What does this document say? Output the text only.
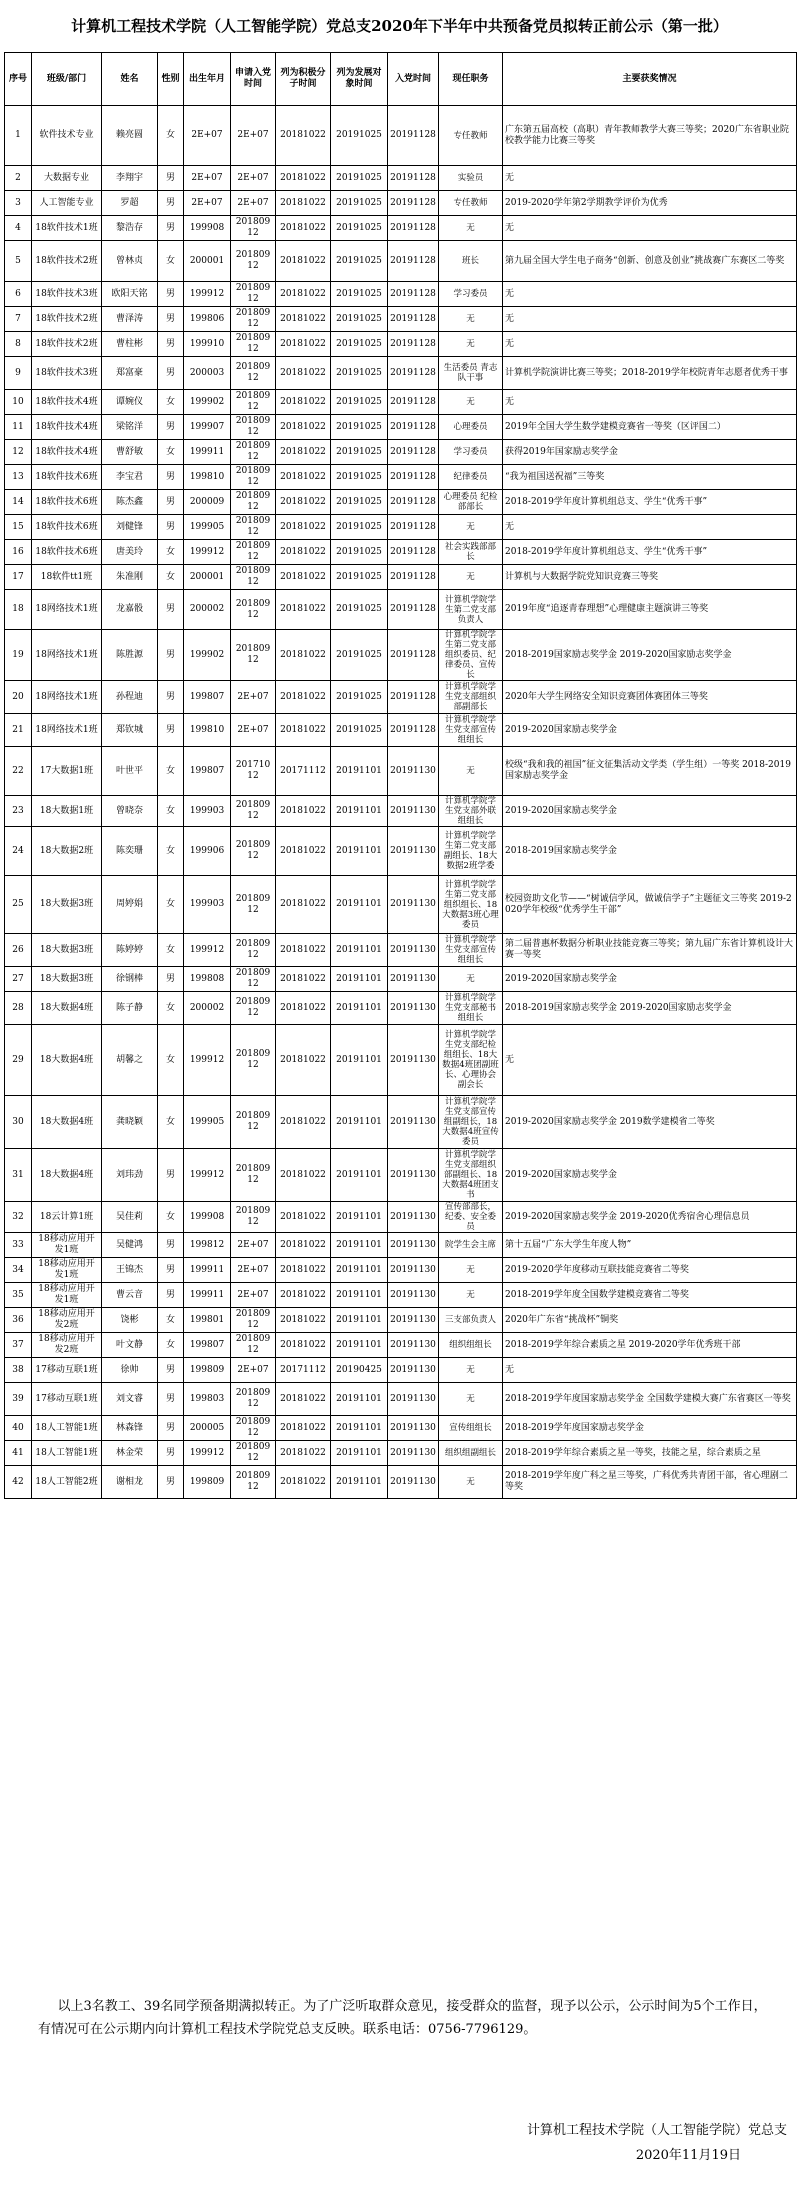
计算机工程技术学院（人工智能学院）党总支2020年下半年中共预备党员拟转正前公示（第一批）
序号	班级/部门	姓名	性别	出生年月	申请入党时间	列为积极分子时间	列为发展对象时间	入党时间	现任职务	主要获奖情况
1	软件技术专业	赖亮圆	女	2E+07	2E+07	20181022	20191025	20191128	专任教师	广东第五届高校（高职）青年教师教学大赛三等奖；2020广东省职业院校教学能力比赛三等奖
2	大数据专业	李翔宇	男	2E+07	2E+07	20181022	20191025	20191128	实验员	无
3	人工智能专业	罗超	男	2E+07	2E+07	20181022	20191025	20191128	专任教师	2019-2020学年第2学期教学评价为优秀
4	18软件技术1班	黎浩存	男	199908	20180912	20181022	20191025	20191128	无	无
5	18软件技术2班	曾林贞	女	200001	20180912	20181022	20191025	20191128	班长	第九届全国大学生电子商务“创新、创意及创业”挑战赛广东赛区二等奖
6	18软件技术3班	欧阳天铭	男	199912	20180912	20181022	20191025	20191128	学习委员	无
7	18软件技术2班	曹泽涛	男	199806	20180912	20181022	20191025	20191128	无	无
8	18软件技术2班	曹柱彬	男	199910	20180912	20181022	20191025	20191128	无	无
9	18软件技术3班	郑富豪	男	200003	20180912	20181022	20191025	20191128	生活委员 青志队干事	计算机学院演讲比赛三等奖；2018-2019学年校院青年志愿者优秀干事
10	18软件技术4班	谭婉仪	女	199902	20180912	20181022	20191025	20191128	无	无
11	18软件技术4班	梁铭洋	男	199907	20180912	20181022	20191025	20191128	心理委员	2019年全国大学生数学建模竞赛省一等奖（区评国二）
12	18软件技术4班	曹舒敏	女	199911	20180912	20181022	20191025	20191128	学习委员	获得2019年国家励志奖学金
13	18软件技术6班	李宝君	男	199810	20180912	20181022	20191025	20191128	纪律委员	“我为祖国送祝福”三等奖
14	18软件技术6班	陈杰鑫	男	200009	20180912	20181022	20191025	20191128	心理委员 纪检部部长	2018-2019学年度计算机组总支、学生“优秀干事”
15	18软件技术6班	刘健锋	男	199905	20180912	20181022	20191025	20191128	无	无
16	18软件技术6班	唐美玲	女	199912	20180912	20181022	20191025	20191128	社会实践部部长	2018-2019学年度计算机组总支、学生“优秀干事”
17	18软件tt1班	朱准刚	女	200001	20180912	20181022	20191025	20191128	无	计算机与大数据学院党知识竞赛三等奖
18	18网络技术1班	龙嘉骰	男	200002	20180912	20181022	20191025	20191128	计算机学院学生第二党支部负责人	2019年度“追逐青春理想”心理健康主题演讲三等奖
19	18网络技术1班	陈胜源	男	199902	20180912	20181022	20191025	20191128	计算机学院学生第二党支部组织委员、纪律委员、宣传长	2018-2019国家励志奖学金 2019-2020国家励志奖学金
20	18网络技术1班	孙程迪	男	199807	2E+07	20181022	20191025	20191128	计算机学院学生党支部组织部副部长	2020年大学生网络安全知识竞赛团体赛团体三等奖
21	18网络技术1班	郑钦城	男	199810	2E+07	20181022	20191025	20191128	计算机学院学生党支部宣传组组长	2019-2020国家励志奖学金
22	17大数据1班	叶世平	女	199807	20171012	20171112	20191101	20191130	无	校级“我和我的祖国”征文征集活动文学类（学生组）一等奖 2018-2019国家励志奖学金
23	18大数据1班	曾晓奈	女	199903	20180912	20181022	20191101	20191130	计算机学院学生党支部外联组组长	2019-2020国家励志奖学金
24	18大数据2班	陈奕珊	女	199906	20180912	20181022	20191101	20191130	计算机学院学生第二党支部副组长、18大数据2班学委	2018-2019国家励志奖学金
25	18大数据3班	周婷娟	女	199903	20180912	20181022	20191101	20191130	计算机学院学生第二党支部组织组长、18大数据3班心理委员	校园资助文化节——“树诚信学风，做诚信学子”主题征文三等奖 2019-2020学年校级“优秀学生干部”
26	18大数据3班	陈婷婷	女	199912	20180912	20181022	20191101	20191130	计算机学院学生党支部宣传组组长	第二届普惠杯数据分析职业技能竞赛三等奖；第九届广东省计算机设计大赛一等奖
27	18大数据3班	徐钢棒	男	199808	20180912	20181022	20191101	20191130	无	2019-2020国家励志奖学金
28	18大数据4班	陈子静	女	200002	20180912	20181022	20191101	20191130	计算机学院学生党支部秘书组组长	2018-2019国家励志奖学金 2019-2020国家励志奖学金
29	18大数据4班	胡馨之	女	199912	20180912	20181022	20191101	20191130	计算机学院学生党支部纪检组组长、18大数据4班团副班长、心理协会副会长	无
30	18大数据4班	龚晓颖	女	199905	20180912	20181022	20191101	20191130	计算机学院学生党支部宣传组副组长，18大数据4班宣传委员	2019-2020国家励志奖学金 2019数学建模省二等奖
31	18大数据4班	刘玮劲	男	199912	20180912	20181022	20191101	20191130	计算机学院学生党支部组织部副组长、18大数据4班团支书	2019-2020国家励志奖学金
32	18云计算1班	吴佳莉	女	199908	20180912	20181022	20191101	20191130	宣传部部长，纪委、安全委员	2019-2020国家励志奖学金 2019-2020优秀宿舍心理信息员
33	18移动应用开发1班	吴健鸿	男	199812	2E+07	20181022	20191101	20191130	院学生会主席	第十五届“广东大学生年度人物”
34	18移动应用开发1班	王锦杰	男	199911	2E+07	20181022	20191101	20191130	无	2019-2020学年度移动互联技能竞赛省二等奖
35	18移动应用开发1班	曹云音	男	199911	2E+07	20181022	20191101	20191130	无	2018-2019学年度全国数学建模竞赛省二等奖
36	18移动应用开发2班	饶彬	女	199801	20180912	20181022	20191101	20191130	三支部负责人	2020年广东省“挑战杯”铜奖
37	18移动应用开发2班	叶文静	女	199807	20180912	20181022	20191101	20191130	组织组组长	2018-2019学年综合素质之星 2019-2020学年优秀班干部
38	17移动互联1班	徐帅	男	199809	2E+07	20171112	20190425	20191130	无	无
39	17移动互联1班	刘文睿	男	199803	20180912	20181022	20191101	20191130	无	2018-2019学年度国家励志奖学金 全国数学建模大赛广东省赛区一等奖
40	18人工智能1班	林森锋	男	200005	20180912	20181022	20191101	20191130	宣传组组长	2018-2019学年度国家励志奖学金
41	18人工智能1班	林金荣	男	199912	20180912	20181022	20191101	20191130	组织组副组长	2018-2019学年综合素质之星一等奖，技能之星，综合素质之星
42	18人工智能2班	谢相龙	男	199809	20180912	20181022	20191101	20191130	无	2018-2019学年度广科之星三等奖，广科优秀共青团干部，省心理剧二等奖
以上3名教工、39名同学预备期满拟转正。为了广泛听取群众意见，接受群众的监督，现予以公示，公示时间为5个工作日，有情况可在公示期内向计算机工程技术学院党总支反映。联系电话：0756-7796129。
计算机工程技术学院（人工智能学院）党总支
2020年11月19日
